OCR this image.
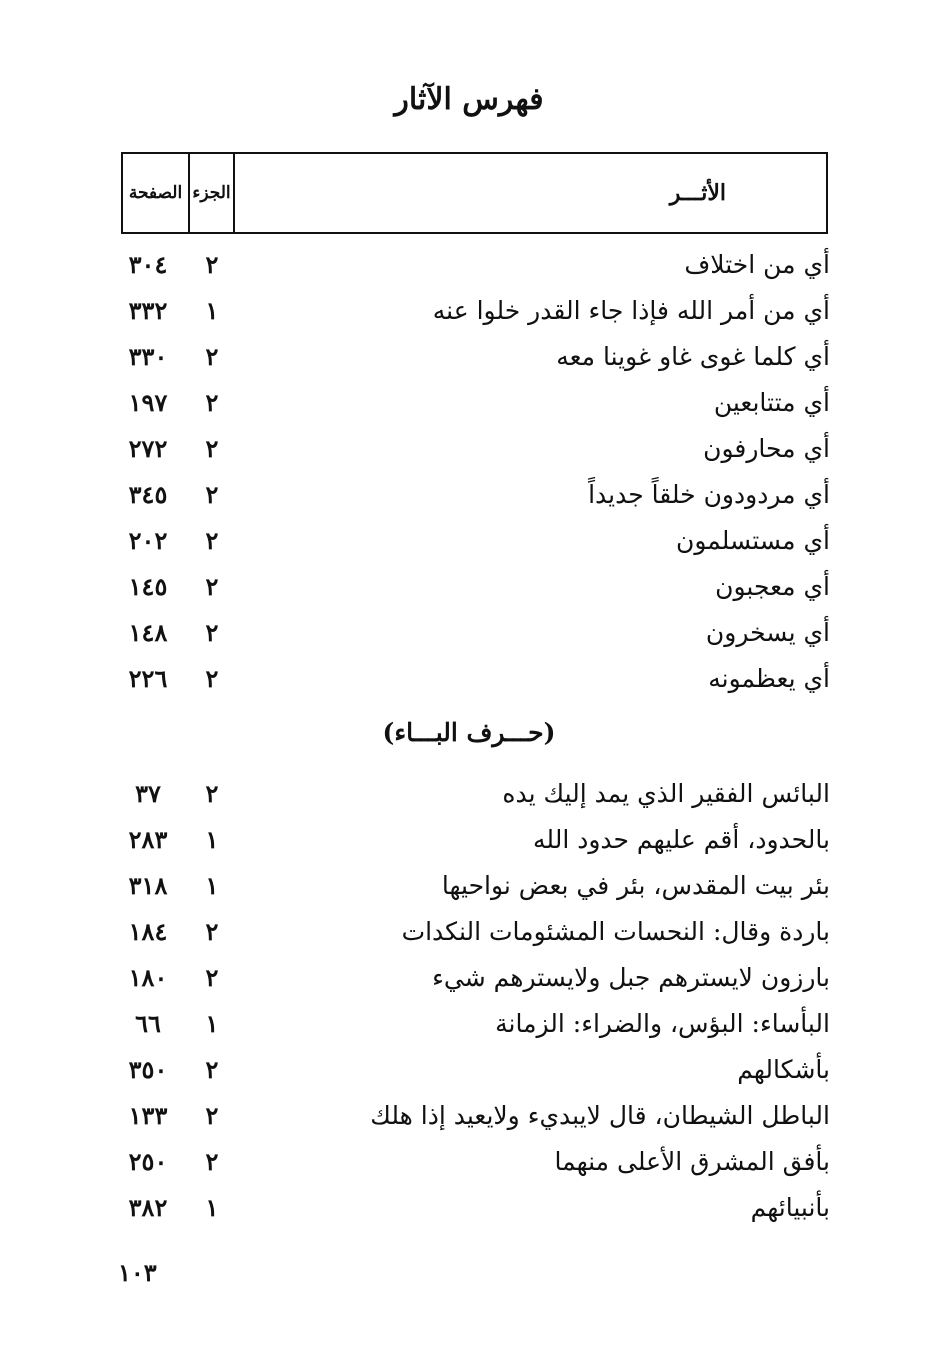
فهرس الآثار
الصفحة الجزء	الأثـــر
أي من اختلاف
٢
٣٠٤
أي من أمر الله فإذا جاء القدر خلوا عنه
١
٣٣٢
أي كلما غوى غاو غوينا معه
٢
٣٣٠
أي متتابعين
٢
١٩٧
أي محارفون
٢
٢٧٢
أي مردودون خلقاً جديداً
٢
٣٤٥
أي مستسلمون
٢
٢٠٢
أي معجبون
٢
١٤٥
أي يسخرون
٢
١٤٨
أي يعظمونه
٢
٢٢٦
(حـــرف البـــاء)
البائس الفقير الذي يمد إليك يده
٢
٣٧
بالحدود، أقم عليهم حدود الله
١
٢٨٣
بئر بيت المقدس، بئر في بعض نواحيها
١
٣١٨
باردة وقال: النحسات المشئومات النكدات
٢
١٨٤
بارزون لايسترهم جبل ولايسترهم شيء
٢
١٨٠
البأساء: البؤس، والضراء: الزمانة
١
٦٦
بأشكالهم
٢
٣٥٠
الباطل الشيطان، قال لايبديء ولايعيد إذا هلك
٢
١٣٣
بأفق المشرق الأعلى منهما
٢
٢٥٠
بأنبيائهم
١
٣٨٢
١٠٣
